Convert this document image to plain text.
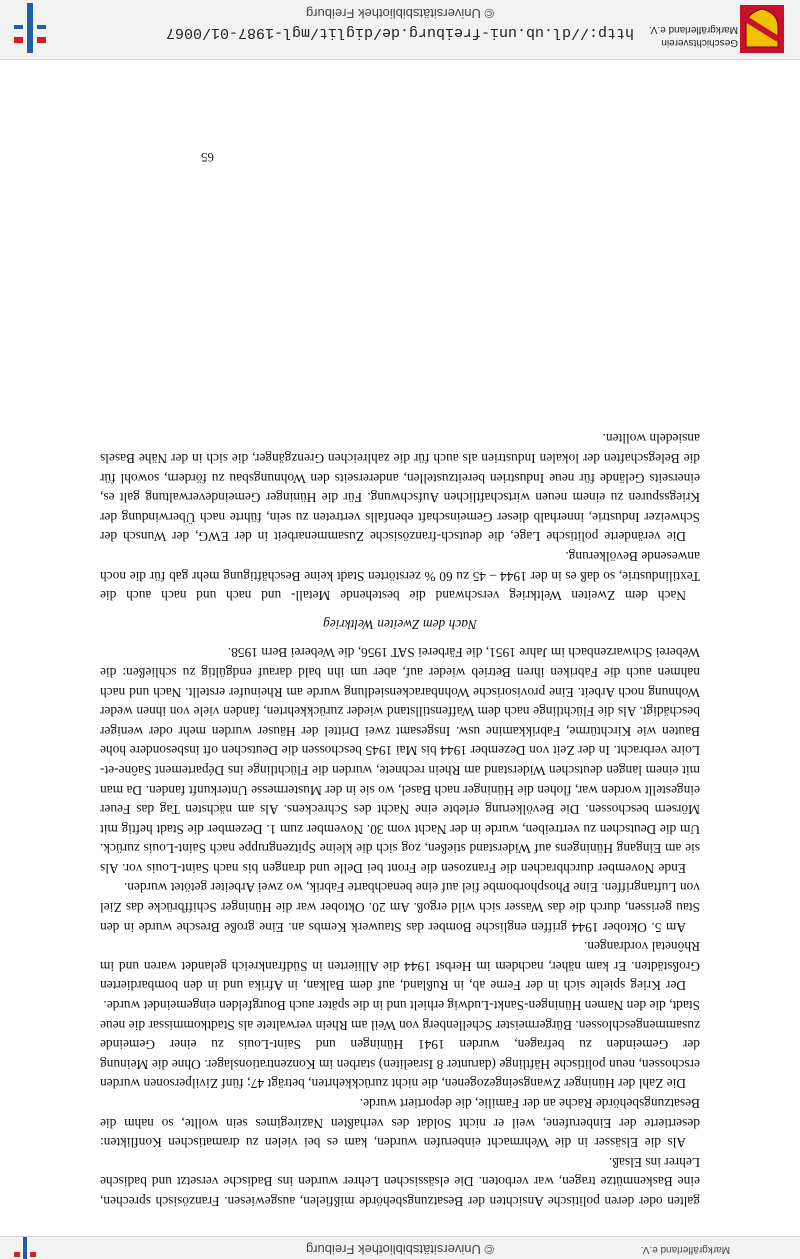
© Universitätsbibliothek Freiburg	Markgräflerland e.V.

galten oder deren politische Ansichten der Besatzungsbehörde mißfielen, ausgewiesen. Französisch sprechen, eine Baskenmütze tragen, war verboten. Die elsässischen Lehrer wurden ins Badische versetzt und badische Lehrer ins Elsaß.

Als die Elsässer in die Wehrmacht einberufen wurden, kam es bei vielen zu dramatischen Konflikten: desertierte der Einberufene, weil er nicht Soldat des verhaßten Naziregimes sein wollte, so nahm die Besatzungsbehörde Rache an der Familie, die deportiert wurde.

Die Zahl der Hüninger Zwangseingezogenen, die nicht zurückkehrten, beträgt 47; fünf Zivilpersonen wurden erschossen, neun politische Häftlinge (darunter 8 Israeliten) starben im Konzentrationslager. Ohne die Meinung der Gemeinden zu befragen, wurden 1941 Hüningen und Saint-Louis zu einer Gemeinde zusammengeschlossen. Bürgermeister Schellenberg von Weil am Rhein verwaltete als Stadtkommissar die neue Stadt, die den Namen Hüningen-Sankt-Ludwig erhielt und in die später auch Bourgfelden eingemeindet wurde.

Der Krieg spielte sich in der Ferne ab, in Rußland, auf dem Balkan, in Afrika und in den bombardierten Großstädten. Er kam näher, nachdem im Herbst 1944 die Alliierten in Südfrankreich gelandet waren und im Rhônetal vordrangen.

Am 5. Oktober 1944 griffen englische Bomber das Stauwerk Kembs an. Eine große Bresche wurde in den Stau gerissen, durch die das Wasser sich wild ergoß. Am 20. Oktober war die Hüninger Schiffbrücke das Ziel von Luftangriffen. Eine Phosphorbombe fiel auf eine benachbarte Fabrik, wo zwei Arbeiter getötet wurden.

Ende November durchbrachen die Franzosen die Front bei Delle und drangen bis nach Saint-Louis vor. Als sie am Eingang Hüningens auf Widerstand stießen, zog sich die kleine Spitzengruppe nach Saint-Louis zurück. Um die Deutschen zu vertreiben, wurde in der Nacht vom 30. November zum 1. Dezember die Stadt heftig mit Mörsern beschossen. Die Bevölkerung erlebte eine Nacht des Schreckens. Als am nächsten Tag das Feuer eingestellt worden war, flohen die Hüninger nach Basel, wo sie in der Mustermesse Unterkunft fanden. Da man mit einem langen deutschen Widerstand am Rhein rechnete, wurden die Flüchtlinge ins Département Saône-et-Loire verbracht. In der Zeit von Dezember 1944 bis Mai 1945 beschossen die Deutschen oft insbesondere hohe Bauten wie Kirchtürme, Fabrikkamine usw. Insgesamt zwei Drittel der Häuser wurden mehr oder weniger beschädigt. Als die Flüchtlinge nach dem Waffenstillstand wieder zurückkehrten, fanden viele von ihnen weder Wohnung noch Arbeit. Eine provisorische Wohnbarackensiedlung wurde am Rheinufer erstellt. Nach und nach nahmen auch die Fabriken ihren Betrieb wieder auf, aber um ihn bald darauf endgültig zu schließen: die Weberei Schwarzenbach im Jahre 1951, die Färberei SAT 1956, die Weberei Bern 1958.

Nach dem Zweiten Weltkrieg

Nach dem Zweiten Weltkrieg verschwand die bestehende Metall- und nach und nach auch die Textilindustrie, so daß es in der 1944 – 45 zu 60 % zerstörten Stadt keine Beschäftigung mehr gab für die noch anwesende Bevölkerung.

Die veränderte politische Lage, die deutsch-französische Zusammenarbeit in der EWG, der Wunsch der Schweizer Industrie, innerhalb dieser Gemeinschaft ebenfalls vertreten zu sein, führte nach Überwindung der Kriegsspuren zu einem neuen wirtschaftlichen Aufschwung. Für die Hüninger Gemeindeverwaltung galt es, einerseits Gelände für neue Industrien bereitzustellen, andererseits den Wohnungsbau zu fördern, sowohl für die Belegschaften der lokalen Industrien als auch für die zahlreichen Grenzgänger, die sich in der Nähe Basels ansiedeln wollten.

65
Geschichtsverein
Markgräflerland e.V.
http://dl.ub.uni-freiburg.de/diglit/mgl-1987-01/0067
© Universitätsbibliothek Freiburg
